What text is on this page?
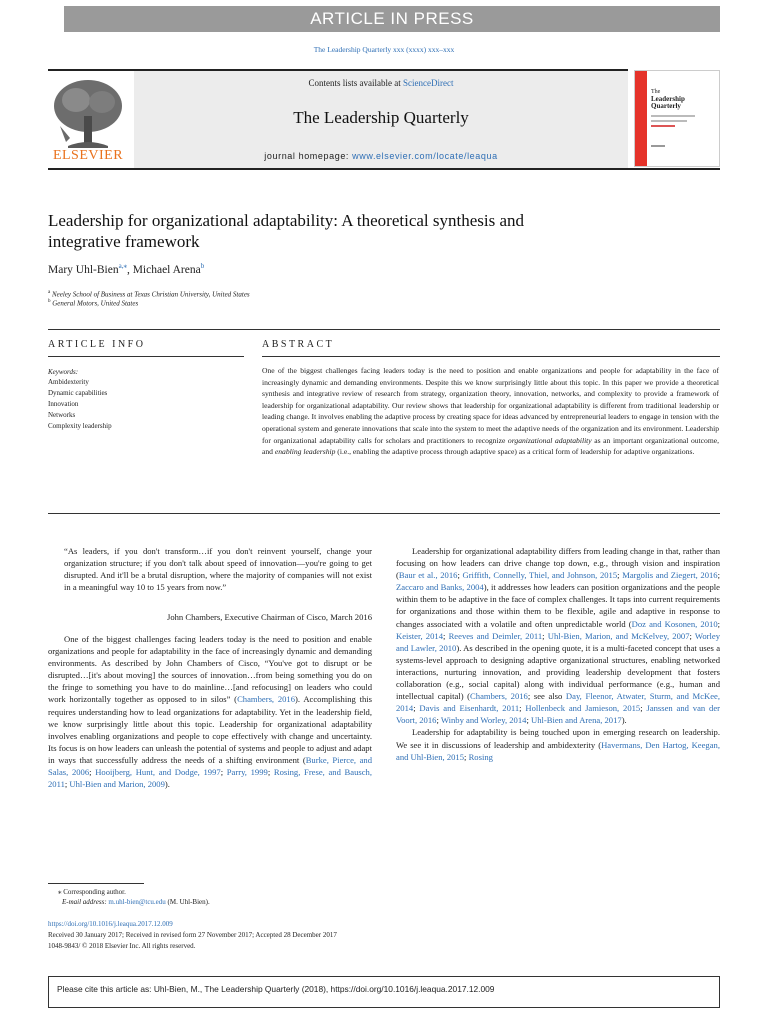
ARTICLE IN PRESS
The Leadership Quarterly xxx (xxxx) xxx–xxx
ELSEVIER
Contents lists available at ScienceDirect
The Leadership Quarterly
journal homepage: www.elsevier.com/locate/leaqua
The
Leadership
Quarterly
Leadership for organizational adaptability: A theoretical synthesis and
integrative framework
Mary Uhl-Bien$^{a,⁎}$, Michael Arena$^b$
$^a$ Neeley School of Business at Texas Christian University, United States
$^b$ General Motors, United States
ARTICLE INFO	ABSTRACT
Keywords:
Ambidexterity
Dynamic capabilities
Innovation
Networks
Complexity leadership
One of the biggest challenges facing leaders today is the need to position and enable organizations and people for adaptability in the face of increasingly dynamic and demanding environments. Despite this we know surprisingly little about this topic. In this paper we provide a theoretical synthesis and integrative review of research from strategy, organization theory, innovation, networks, and complexity to provide a framework of leadership for organizational adaptability. Our review shows that leadership for organizational adaptability is different from traditional leadership or leading change. It involves enabling the adaptive process by creating space for ideas advanced by entrepreneurial leaders to engage in tension with the operational system and generate innovations that scale into the system to meet the adaptive needs of the organization and its environment. Leadership for organizational adaptability calls for scholars and practitioners to recognize organizational adaptability as an important organizational outcome, and enabling leadership (i.e., enabling the adaptive process through adaptive space) as a critical form of leadership for adaptive organizations.
“As leaders, if you don't transform…if you don't reinvent yourself, change your organization structure; if you don't talk about speed of innovation—you're going to get disrupted. And it'll be a brutal disruption, where the majority of companies will not exist in a meaningful way 10 to 15 years from now.”
John Chambers, Executive Chairman of Cisco, March 2016
One of the biggest challenges facing leaders today is the need to position and enable organizations and people for adaptability in the face of increasingly dynamic and demanding environments. As described by John Chambers of Cisco, “You've got to disrupt or be disrupted…[it's about moving] the sources of innovation…from being something you do on the fringe to something you have to do mainline…[and refocusing] on leaders who could work horizontally together as opposed to in silos” (Chambers, 2016). Accomplishing this requires understanding how to lead organizations for adaptability. Yet in the leadership field, we know surprisingly little about this topic. Leadership for organizational adaptability involves enabling organizations and people to cope effectively with change and uncertainty. Its focus is on how leaders can unleash the potential of systems and people to adjust and adapt in ways that successfully address the needs of a shifting environment (Burke, Pierce, and Salas, 2006; Hooijberg, Hunt, and Dodge, 1997; Parry, 1999; Rosing, Frese, and Bausch, 2011; Uhl-Bien and Marion, 2009).
Leadership for organizational adaptability differs from leading change in that, rather than focusing on how leaders can drive change top down, e.g., through vision and inspiration (Baur et al., 2016; Griffith, Connelly, Thiel, and Johnson, 2015; Margolis and Ziegert, 2016; Zaccaro and Banks, 2004), it addresses how leaders can position organizations and the people within them to be adaptive in the face of complex challenges. It taps into current requirements for organizations and those within them to be flexible, agile and adaptive in response to changes associated with a volatile and often unpredictable world (Doz and Kosonen, 2010; Keister, 2014; Reeves and Deimler, 2011; Uhl-Bien, Marion, and McKelvey, 2007; Worley and Lawler, 2010). As described in the opening quote, it is a multi-faceted concept that uses a systems-level approach to designing adaptive organizational structures, enabling networked interactions, nurturing innovation, and providing leadership development that fosters collaboration (e.g., social capital) along with individual performance (e.g., human and intellectual capital) (Chambers, 2016; see also Day, Fleenor, Atwater, Sturm, and McKee, 2014; Davis and Eisenhardt, 2011; Hollenbeck and Jamieson, 2015; Janssen and van der Voort, 2016; Winby and Worley, 2014; Uhl-Bien and Arena, 2017).
Leadership for adaptability is being touched upon in emerging research on leadership. We see it in discussions of leadership and ambidexterity (Havermans, Den Hartog, Keegan, and Uhl-Bien, 2015; Rosing
⁎ Corresponding author.
E-mail address: m.uhl-bien@tcu.edu (M. Uhl-Bien).
https://doi.org/10.1016/j.leaqua.2017.12.009
Received 30 January 2017; Received in revised form 27 November 2017; Accepted 28 December 2017
1048-9843/ © 2018 Elsevier Inc. All rights reserved.
Please cite this article as: Uhl-Bien, M., The Leadership Quarterly (2018), https://doi.org/10.1016/j.leaqua.2017.12.009
